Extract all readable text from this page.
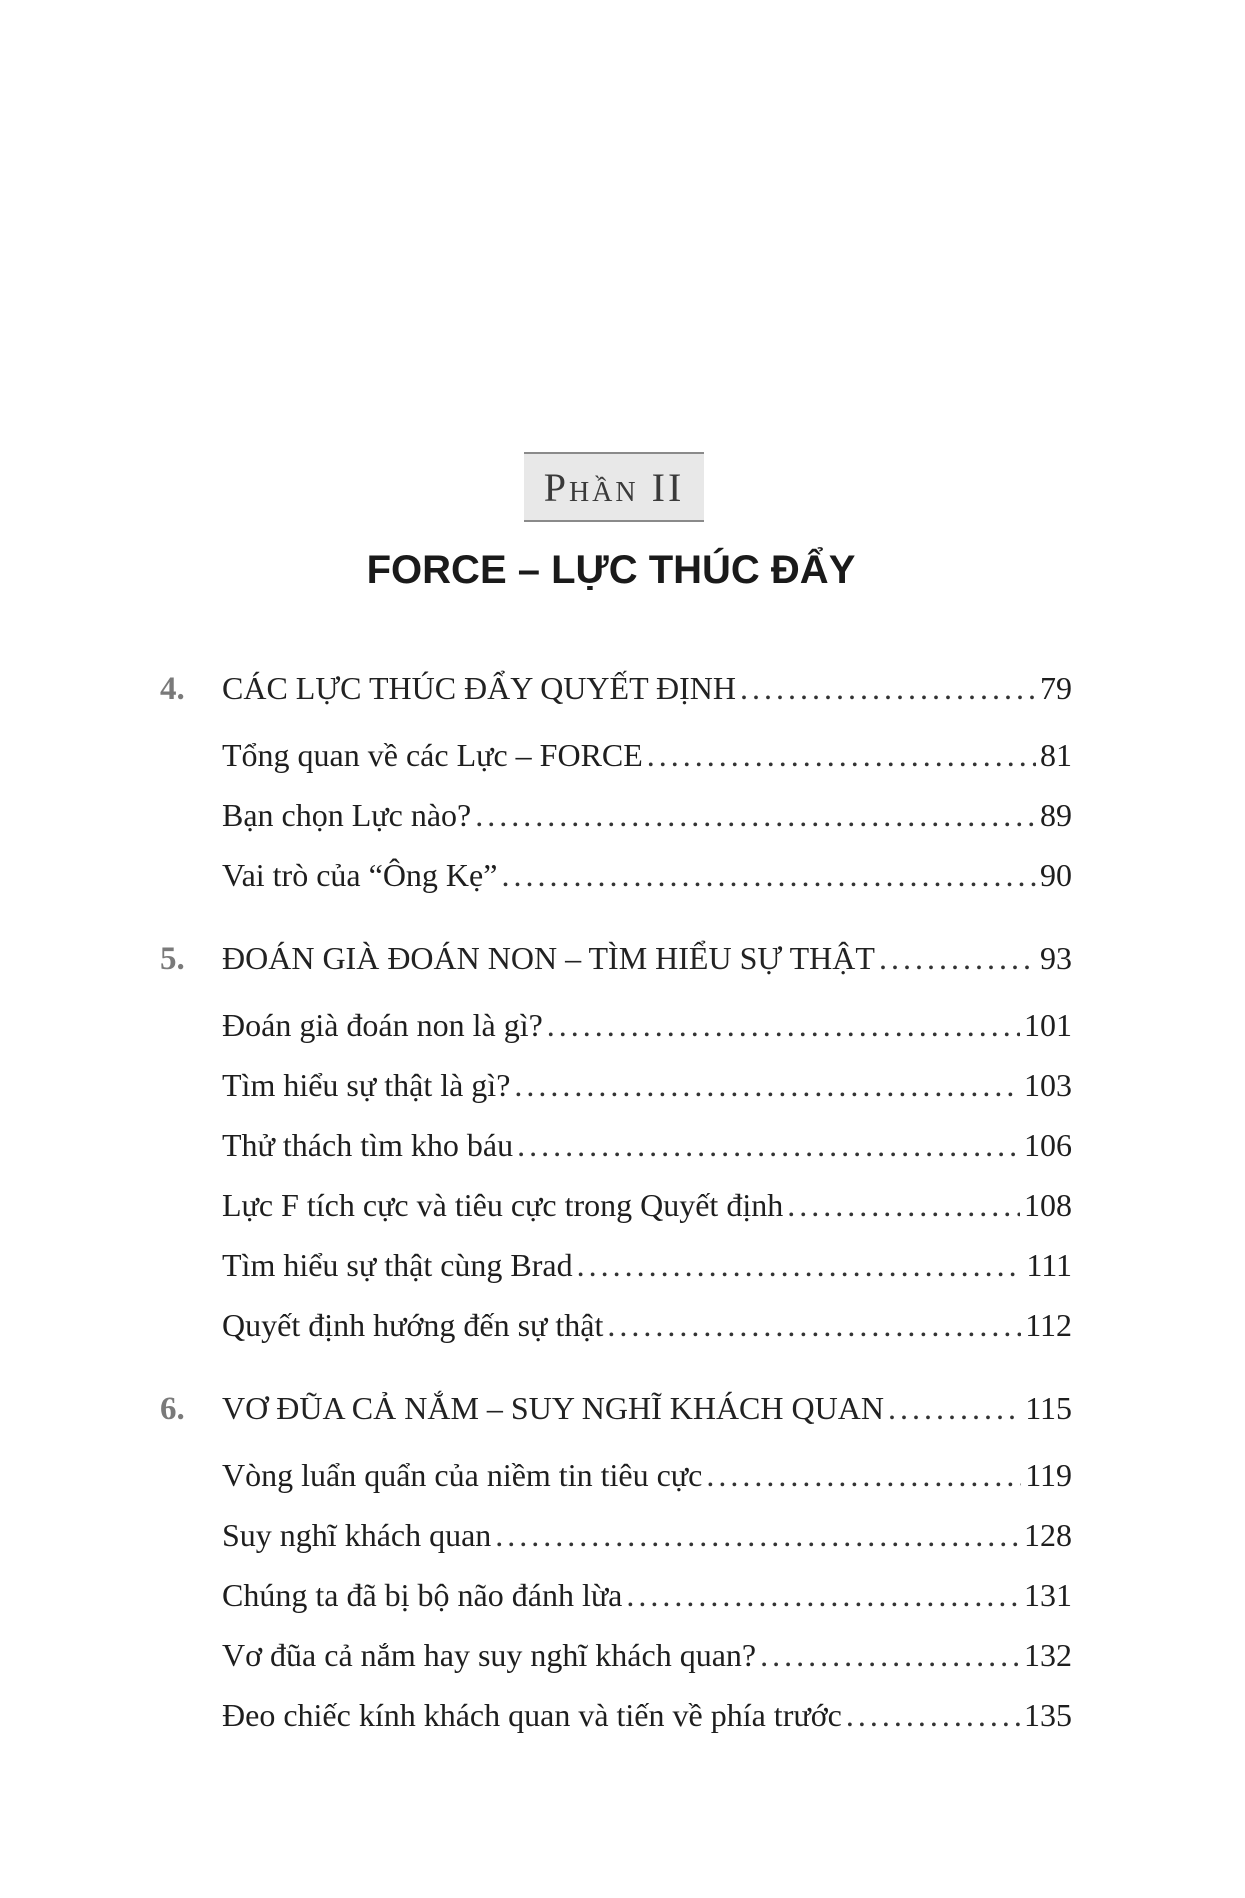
Phần II
FORCE – LỰC THÚC ĐẨY
4.	CÁC LỰC THÚC ĐẨY QUYẾT ĐỊNH . . .	79
Tổng quan về các Lực – FORCE . . .	81
Bạn chọn Lực nào? . . .	89
Vai trò của “Ông Kẹ” . . .	90
5.	ĐOÁN GIÀ ĐOÁN NON – TÌM HIỂU SỰ THẬT . . .	93
Đoán già đoán non là gì? . . .	101
Tìm hiểu sự thật là gì? . . .	103
Thử thách tìm kho báu . . .	106
Lực F tích cực và tiêu cực trong Quyết định . . .	108
Tìm hiểu sự thật cùng Brad . . .	111
Quyết định hướng đến sự thật . . .	112
6.	VƠ ĐŨA CẢ NẮM – SUY NGHĨ KHÁCH QUAN . . .	115
Vòng luẩn quẩn của niềm tin tiêu cực . . .	119
Suy nghĩ khách quan . . .	128
Chúng ta đã bị bộ não đánh lừa . . .	131
Vơ đũa cả nắm hay suy nghĩ khách quan? . . .	132
Đeo chiếc kính khách quan và tiến về phía trước . . .	135
